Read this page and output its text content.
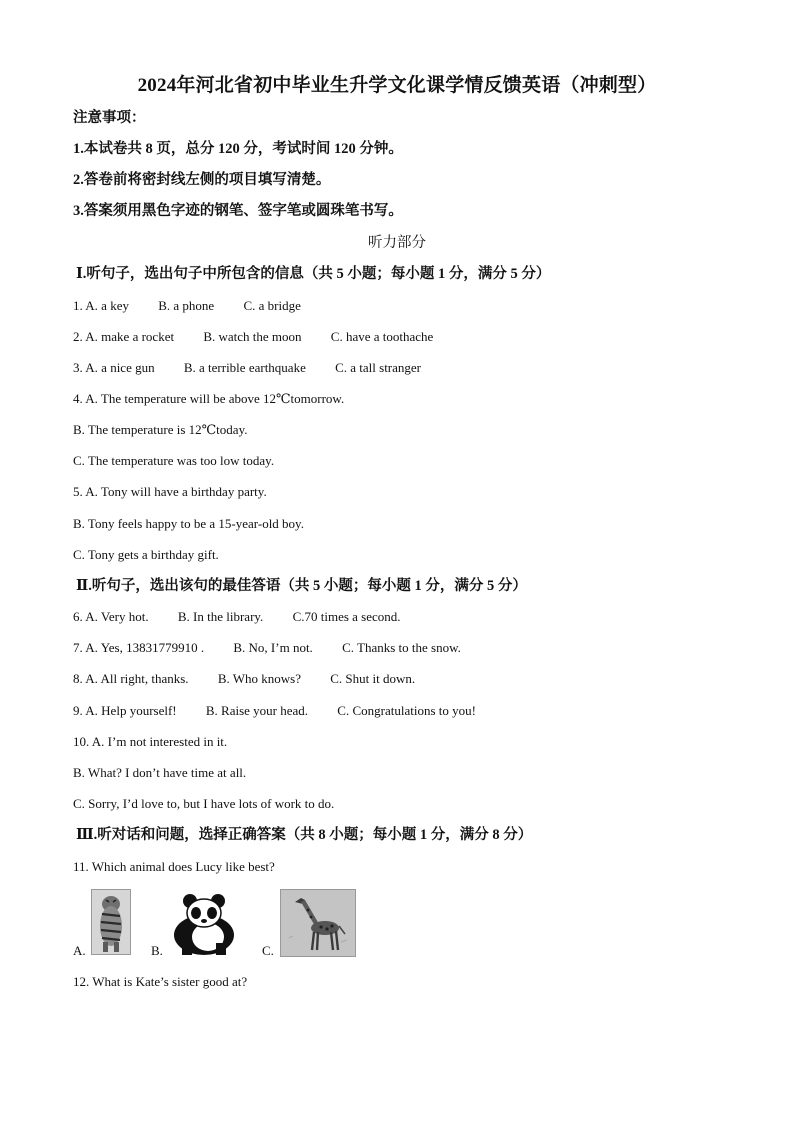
2024年河北省初中毕业生升学文化课学情反馈英语（冲刺型）
注意事项：
1.本试卷共 8 页，总分 120 分，考试时间 120 分钟。
2.答卷前将密封线左侧的项目填写清楚。
3.答案须用黑色字迹的钢笔、签字笔或圆珠笔书写。
听力部分
Ⅰ.听句子，选出句子中所包含的信息（共 5 小题；每小题 1 分，满分 5 分）
1. A. a key B. a phone C. a bridge
2. A. make a rocket B. watch the moon C. have a toothache
3. A. a nice gun B. a terrible earthquake C. a tall stranger
4. A. The temperature will be above 12℃tomorrow.
B. The temperature is 12℃today.
C. The temperature was too low today.
5. A. Tony will have a birthday party.
B. Tony feels happy to be a 15-year-old boy.
C. Tony gets a birthday gift.
Ⅱ.听句子，选出该句的最佳答语（共 5 小题；每小题 1 分，满分 5 分）
6. A. Very hot. B. In the library. C.70 times a second.
7. A. Yes, 13831779910 . B. No, I’m not. C. Thanks to the snow.
8. A. All right, thanks. B. Who knows? C. Shut it down.
9. A. Help yourself! B. Raise your head. C. Congratulations to you!
10. A. I’m not interested in it.
B. What? I don’t have time at all.
C. Sorry, I’d love to, but I have lots of work to do.
Ⅲ.听对话和问题，选择正确答案（共 8 小题；每小题 1 分，满分 8 分）
11. Which animal does Lucy like best?
A.	B.	C.
12. What is Kate’s sister good at?
